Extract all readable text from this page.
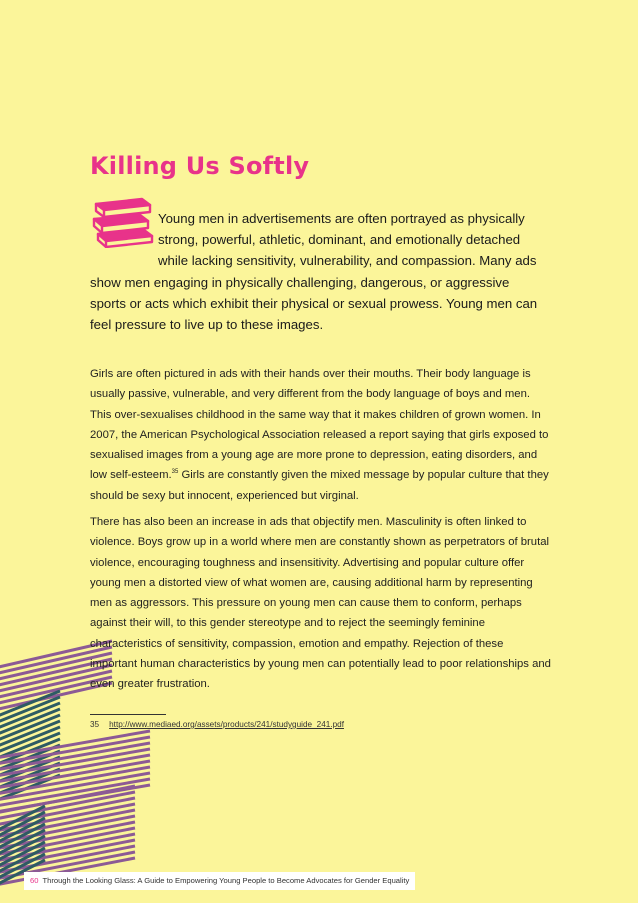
Killing Us Softly

Young men in advertisements are often portrayed as physically strong, powerful, athletic, dominant, and emotionally detached while lacking sensitivity, vulnerability, and compassion. Many ads show men engaging in physically challenging, dangerous, or aggressive sports or acts which exhibit their physical or sexual prowess. Young men can feel pressure to live up to these images.

Girls are often pictured in ads with their hands over their mouths. Their body language is usually passive, vulnerable, and very different from the body language of boys and men. This over-sexualises childhood in the same way that it makes children of grown women. In 2007, the American Psychological Association released a report saying that girls exposed to sexualised images from a young age are more prone to depression, eating disorders, and low self-esteem.$^{35}$ Girls are constantly given the mixed message by popular culture that they should be sexy but innocent, experienced but virginal.

There has also been an increase in ads that objectify men. Masculinity is often linked to violence. Boys grow up in a world where men are constantly shown as perpetrators of brutal violence, encouraging toughness and insensitivity. Advertising and popular culture offer young men a distorted view of what women are, causing additional harm by representing men as aggressors. This pressure on young men can cause them to conform, perhaps against their will, to this gender stereotype and to reject the seemingly feminine characteristics of sensitivity, compassion, emotion and empathy. Rejection of these important human characteristics by young men can potentially lead to poor relationships and even greater frustration.

35 http://www.mediaed.org/assets/products/241/studyguide_241.pdf

60 Through the Looking Glass: A Guide to Empowering Young People to Become Advocates for Gender Equality
